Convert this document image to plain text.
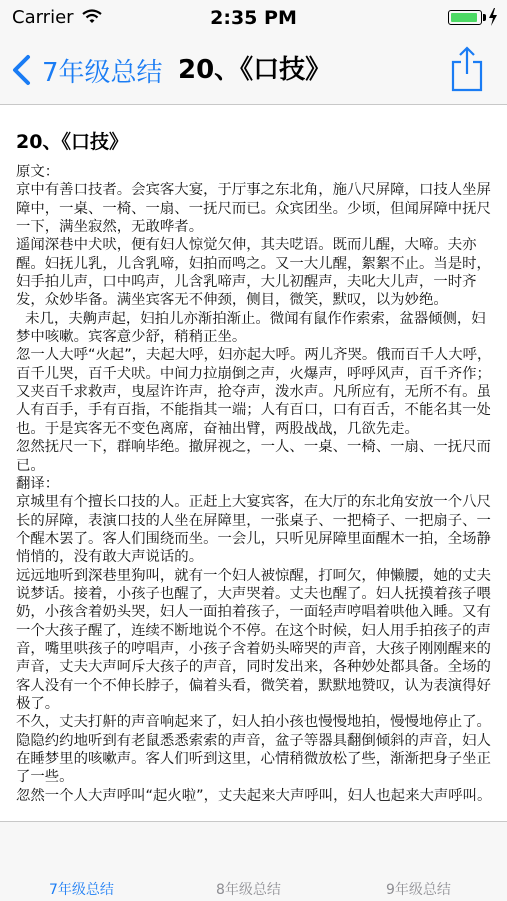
Carrier	2:35 PM
7年级总结 20、《口技》
20、《口技》
原文：
京中有善口技者。会宾客大宴，于厅事之东北角，施八尺屏障，口技人坐屏障中，一桌、一椅、一扇、一抚尺而已。众宾团坐。少顷，但闻屏障中抚尺一下，满坐寂然，无敢哗者。
遥闻深巷中犬吠，便有妇人惊觉欠伸，其夫呓语。既而儿醒，大啼。夫亦醒。妇抚儿乳，儿含乳啼，妇拍而鸣之。又一大儿醒，絮絮不止。当是时，妇手拍儿声，口中呜声，儿含乳啼声，大儿初醒声，夫叱大儿声，一时齐发，众妙毕备。满坐宾客无不伸颈，侧目，微笑，默叹，以为妙绝。
未几，夫齁声起，妇拍儿亦渐拍渐止。微闻有鼠作作索索，盆器倾侧，妇梦中咳嗽。宾客意少舒，稍稍正坐。
忽一人大呼“火起”，夫起大呼，妇亦起大呼。两儿齐哭。俄而百千人大呼，百千儿哭，百千犬吠。中间力拉崩倒之声，火爆声，呼呼风声，百千齐作；又夹百千求救声，曳屋许许声，抢夺声，泼水声。凡所应有，无所不有。虽人有百手，手有百指，不能指其一端；人有百口，口有百舌，不能名其一处也。于是宾客无不变色离席，奋袖出臂，两股战战，几欲先走。
忽然抚尺一下，群响毕绝。撤屏视之，一人、一桌、一椅、一扇、一抚尺而已。
翻译：
京城里有个擅长口技的人。正赶上大宴宾客，在大厅的东北角安放一个八尺长的屏障，表演口技的人坐在屏障里，一张桌子、一把椅子、一把扇子、一个醒木罢了。客人们围绕而坐。一会儿，只听见屏障里面醒木一拍，全场静悄悄的，没有敢大声说话的。
远远地听到深巷里狗叫，就有一个妇人被惊醒，打呵欠，伸懒腰，她的丈夫说梦话。接着，小孩子也醒了，大声哭着。丈夫也醒了。妇人抚摸着孩子喂奶，小孩含着奶头哭，妇人一面拍着孩子，一面轻声哼唱着哄他入睡。又有一个大孩子醒了，连续不断地说个不停。在这个时候，妇人用手拍孩子的声音，嘴里哄孩子的哼唱声，小孩子含着奶头啼哭的声音，大孩子刚刚醒来的声音，丈夫大声呵斥大孩子的声音，同时发出来，各种妙处都具备。全场的客人没有一个不伸长脖子，偏着头看，微笑着，默默地赞叹，认为表演得好极了。
不久，丈夫打鼾的声音响起来了，妇人拍小孩也慢慢地拍，慢慢地停止了。隐隐约约地听到有老鼠悉悉索索的声音，盆子等器具翻倒倾斜的声音，妇人在睡梦里的咳嗽声。客人们听到这里，心情稍微放松了些，渐渐把身子坐正了一些。
忽然一个人大声呼叫“起火啦”，丈夫起来大声呼叫，妇人也起来大声呼叫。
7年级总结	8年级总结	9年级总结
